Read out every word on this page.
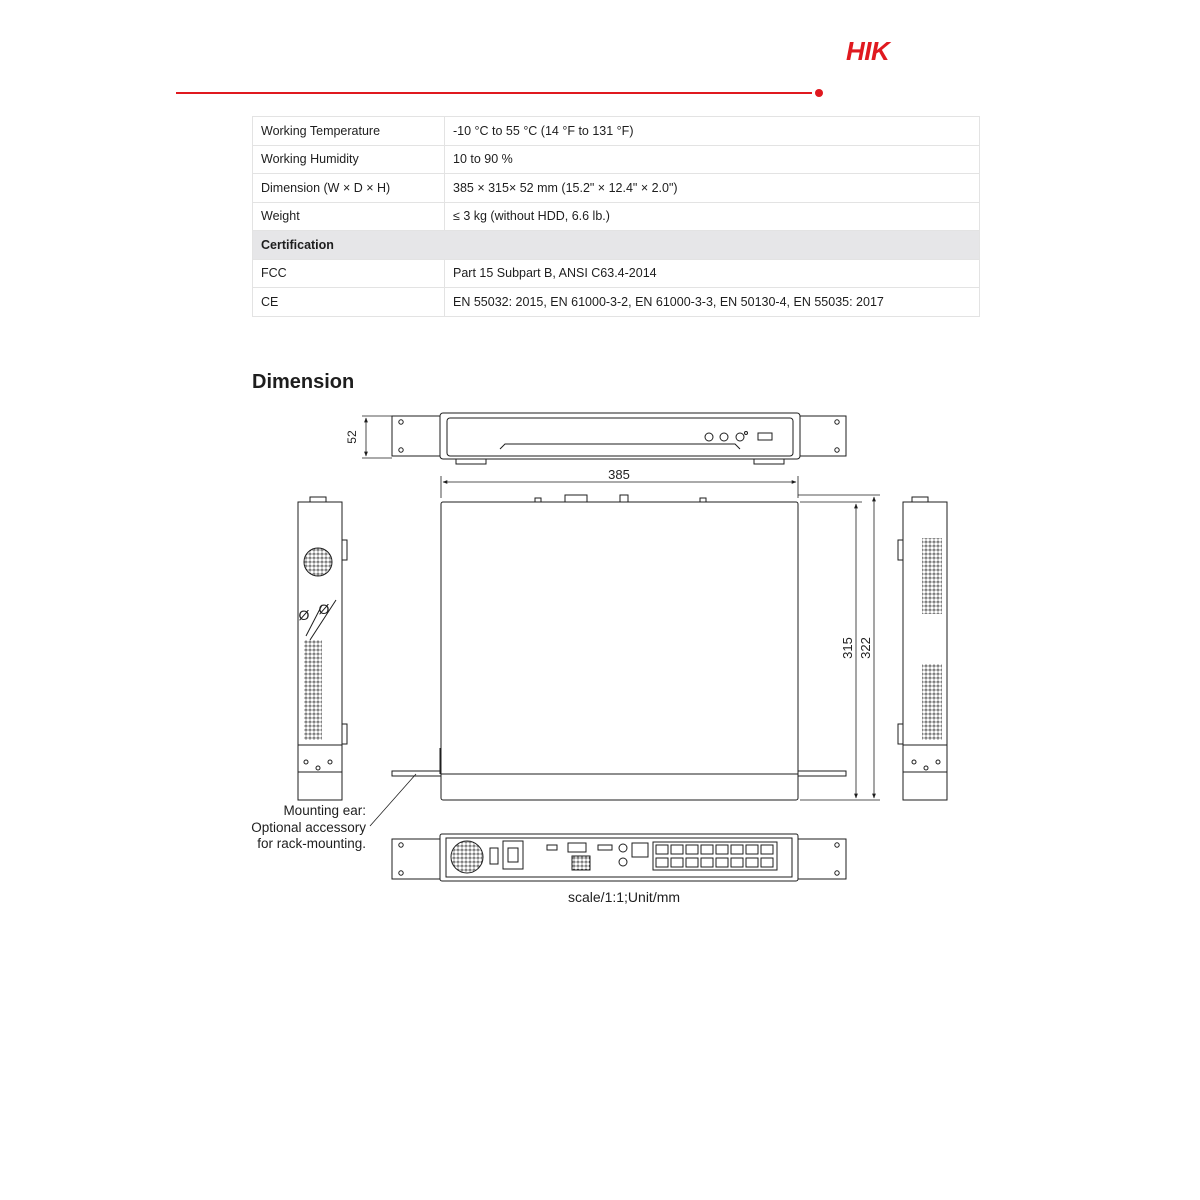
HIK
Working Temperature	-10 °C to 55 °C (14 °F to 131 °F)
Working Humidity	10 to 90 %
Dimension (W × D × H)	385 × 315× 52 mm (15.2" × 12.4" × 2.0")
Weight	≤ 3 kg (without HDD, 6.6 lb.)
Certification	
FCC	Part 15 Subpart B, ANSI C63.4-2014
CE	EN 55032: 2015, EN 61000-3-2, EN 61000-3-3, EN 50130-4, EN 55035: 2017
Dimension
52
385
315 322
Ø Ø
Mounting ear:
Optional accessory
for rack-mounting.
scale/1:1;Unit/mm
